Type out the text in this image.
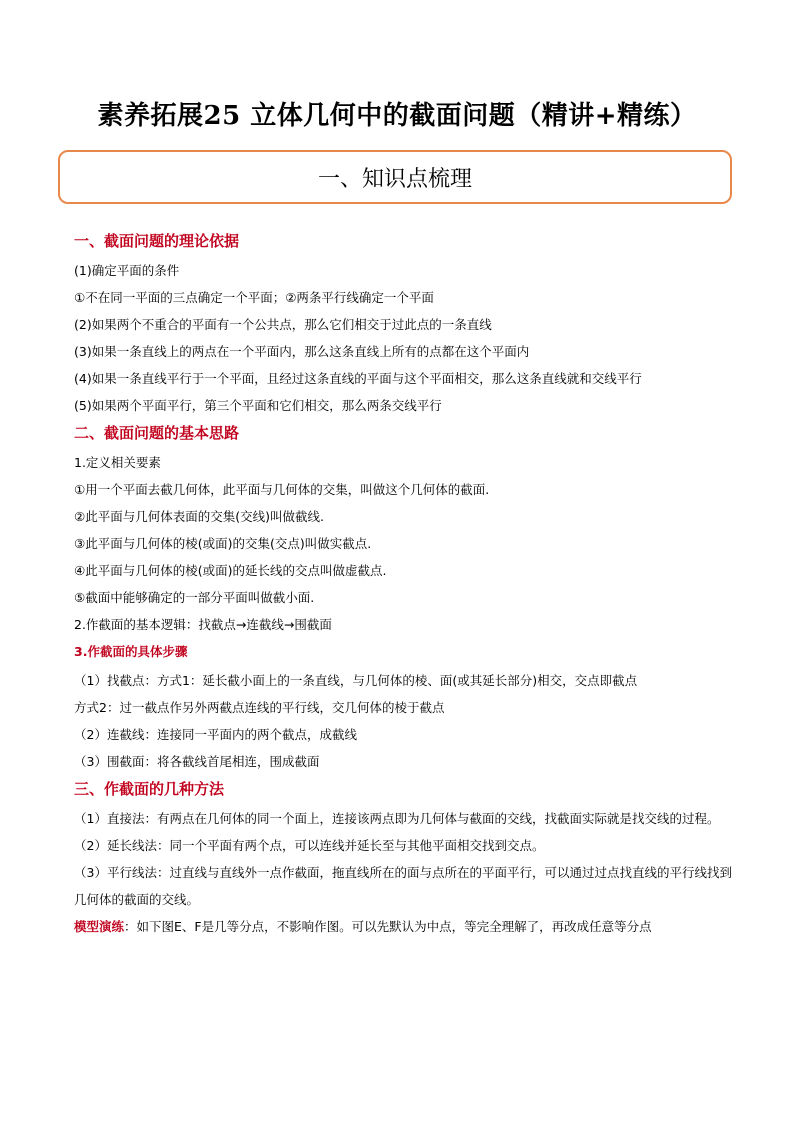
素养拓展25 立体几何中的截面问题（精讲+精练）
一、知识点梳理
一、截面问题的理论依据

(1)确定平面的条件

①不在同一平面的三点确定一个平面；②两条平行线确定一个平面

(2)如果两个不重合的平面有一个公共点，那么它们相交于过此点的一条直线

(3)如果一条直线上的两点在一个平面内，那么这条直线上所有的点都在这个平面内

(4)如果一条直线平行于一个平面，且经过这条直线的平面与这个平面相交，那么这条直线就和交线平行

(5)如果两个平面平行，第三个平面和它们相交，那么两条交线平行

二、截面问题的基本思路

1.定义相关要素

①用一个平面去截几何体，此平面与几何体的交集，叫做这个几何体的截面.

②此平面与几何体表面的交集(交线)叫做截线.

③此平面与几何体的棱(或面)的交集(交点)叫做实截点.

④此平面与几何体的棱(或面)的延长线的交点叫做虚截点.

⑤截面中能够确定的一部分平面叫做截小面.

2.作截面的基本逻辑：找截点→连截线→围截面

3.作截面的具体步骤

（1）找截点：方式1：延长截小面上的一条直线，与几何体的棱、面(或其延长部分)相交，交点即截点

方式2：过一截点作另外两截点连线的平行线，交几何体的棱于截点

（2）连截线：连接同一平面内的两个截点，成截线

（3）围截面：将各截线首尾相连，围成截面

三、作截面的几种方法

（1）直接法：有两点在几何体的同一个面上，连接该两点即为几何体与截面的交线，找截面实际就是找交线的过程。

（2）延长线法：同一个平面有两个点，可以连线并延长至与其他平面相交找到交点。

（3）平行线法：过直线与直线外一点作截面，拖直线所在的面与点所在的平面平行，可以通过过点找直线的平行线找到几何体的截面的交线。

模型演练：如下图E、F是几等分点，不影响作图。可以先默认为中点，等完全理解了，再改成任意等分点
